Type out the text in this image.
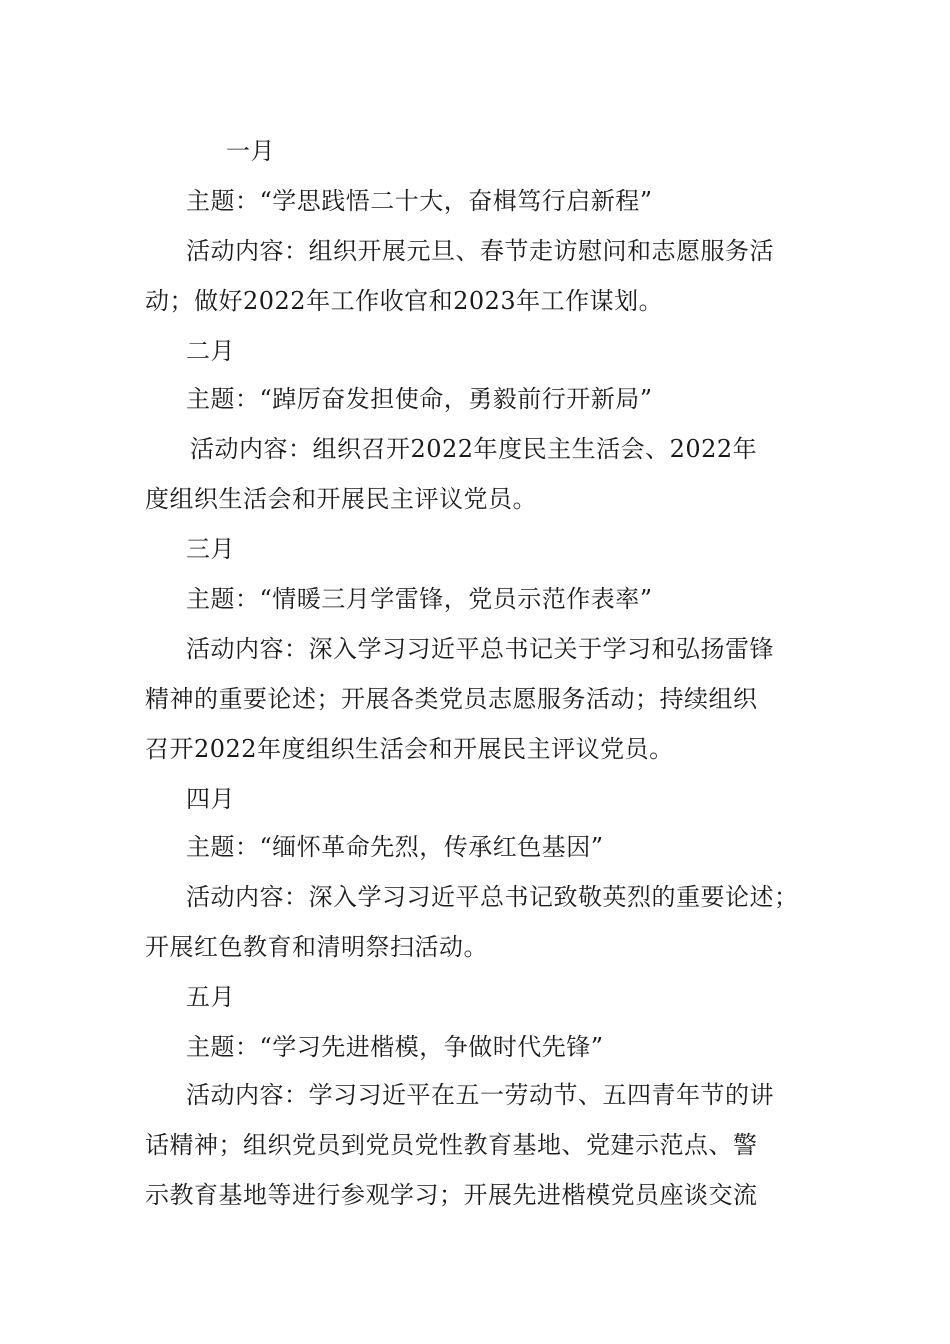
一月
主题：“学思践悟二十大，奋楫笃行启新程”
活动内容：组织开展元旦、春节走访慰问和志愿服务活
动；做好2022年工作收官和2023年工作谋划。
二月
主题：“踔厉奋发担使命，勇毅前行开新局”
活动内容：组织召开2022年度民主生活会、2022年
度组织生活会和开展民主评议党员。
三月
主题：“情暖三月学雷锋，党员示范作表率”
活动内容：深入学习习近平总书记关于学习和弘扬雷锋
精神的重要论述；开展各类党员志愿服务活动；持续组织
召开2022年度组织生活会和开展民主评议党员。
四月
主题：“缅怀革命先烈，传承红色基因”
活动内容：深入学习习近平总书记致敬英烈的重要论述；
开展红色教育和清明祭扫活动。
五月
主题：“学习先进楷模，争做时代先锋”
活动内容：学习习近平在五一劳动节、五四青年节的讲
话精神；组织党员到党员党性教育基地、党建示范点、警
示教育基地等进行参观学习；开展先进楷模党员座谈交流
